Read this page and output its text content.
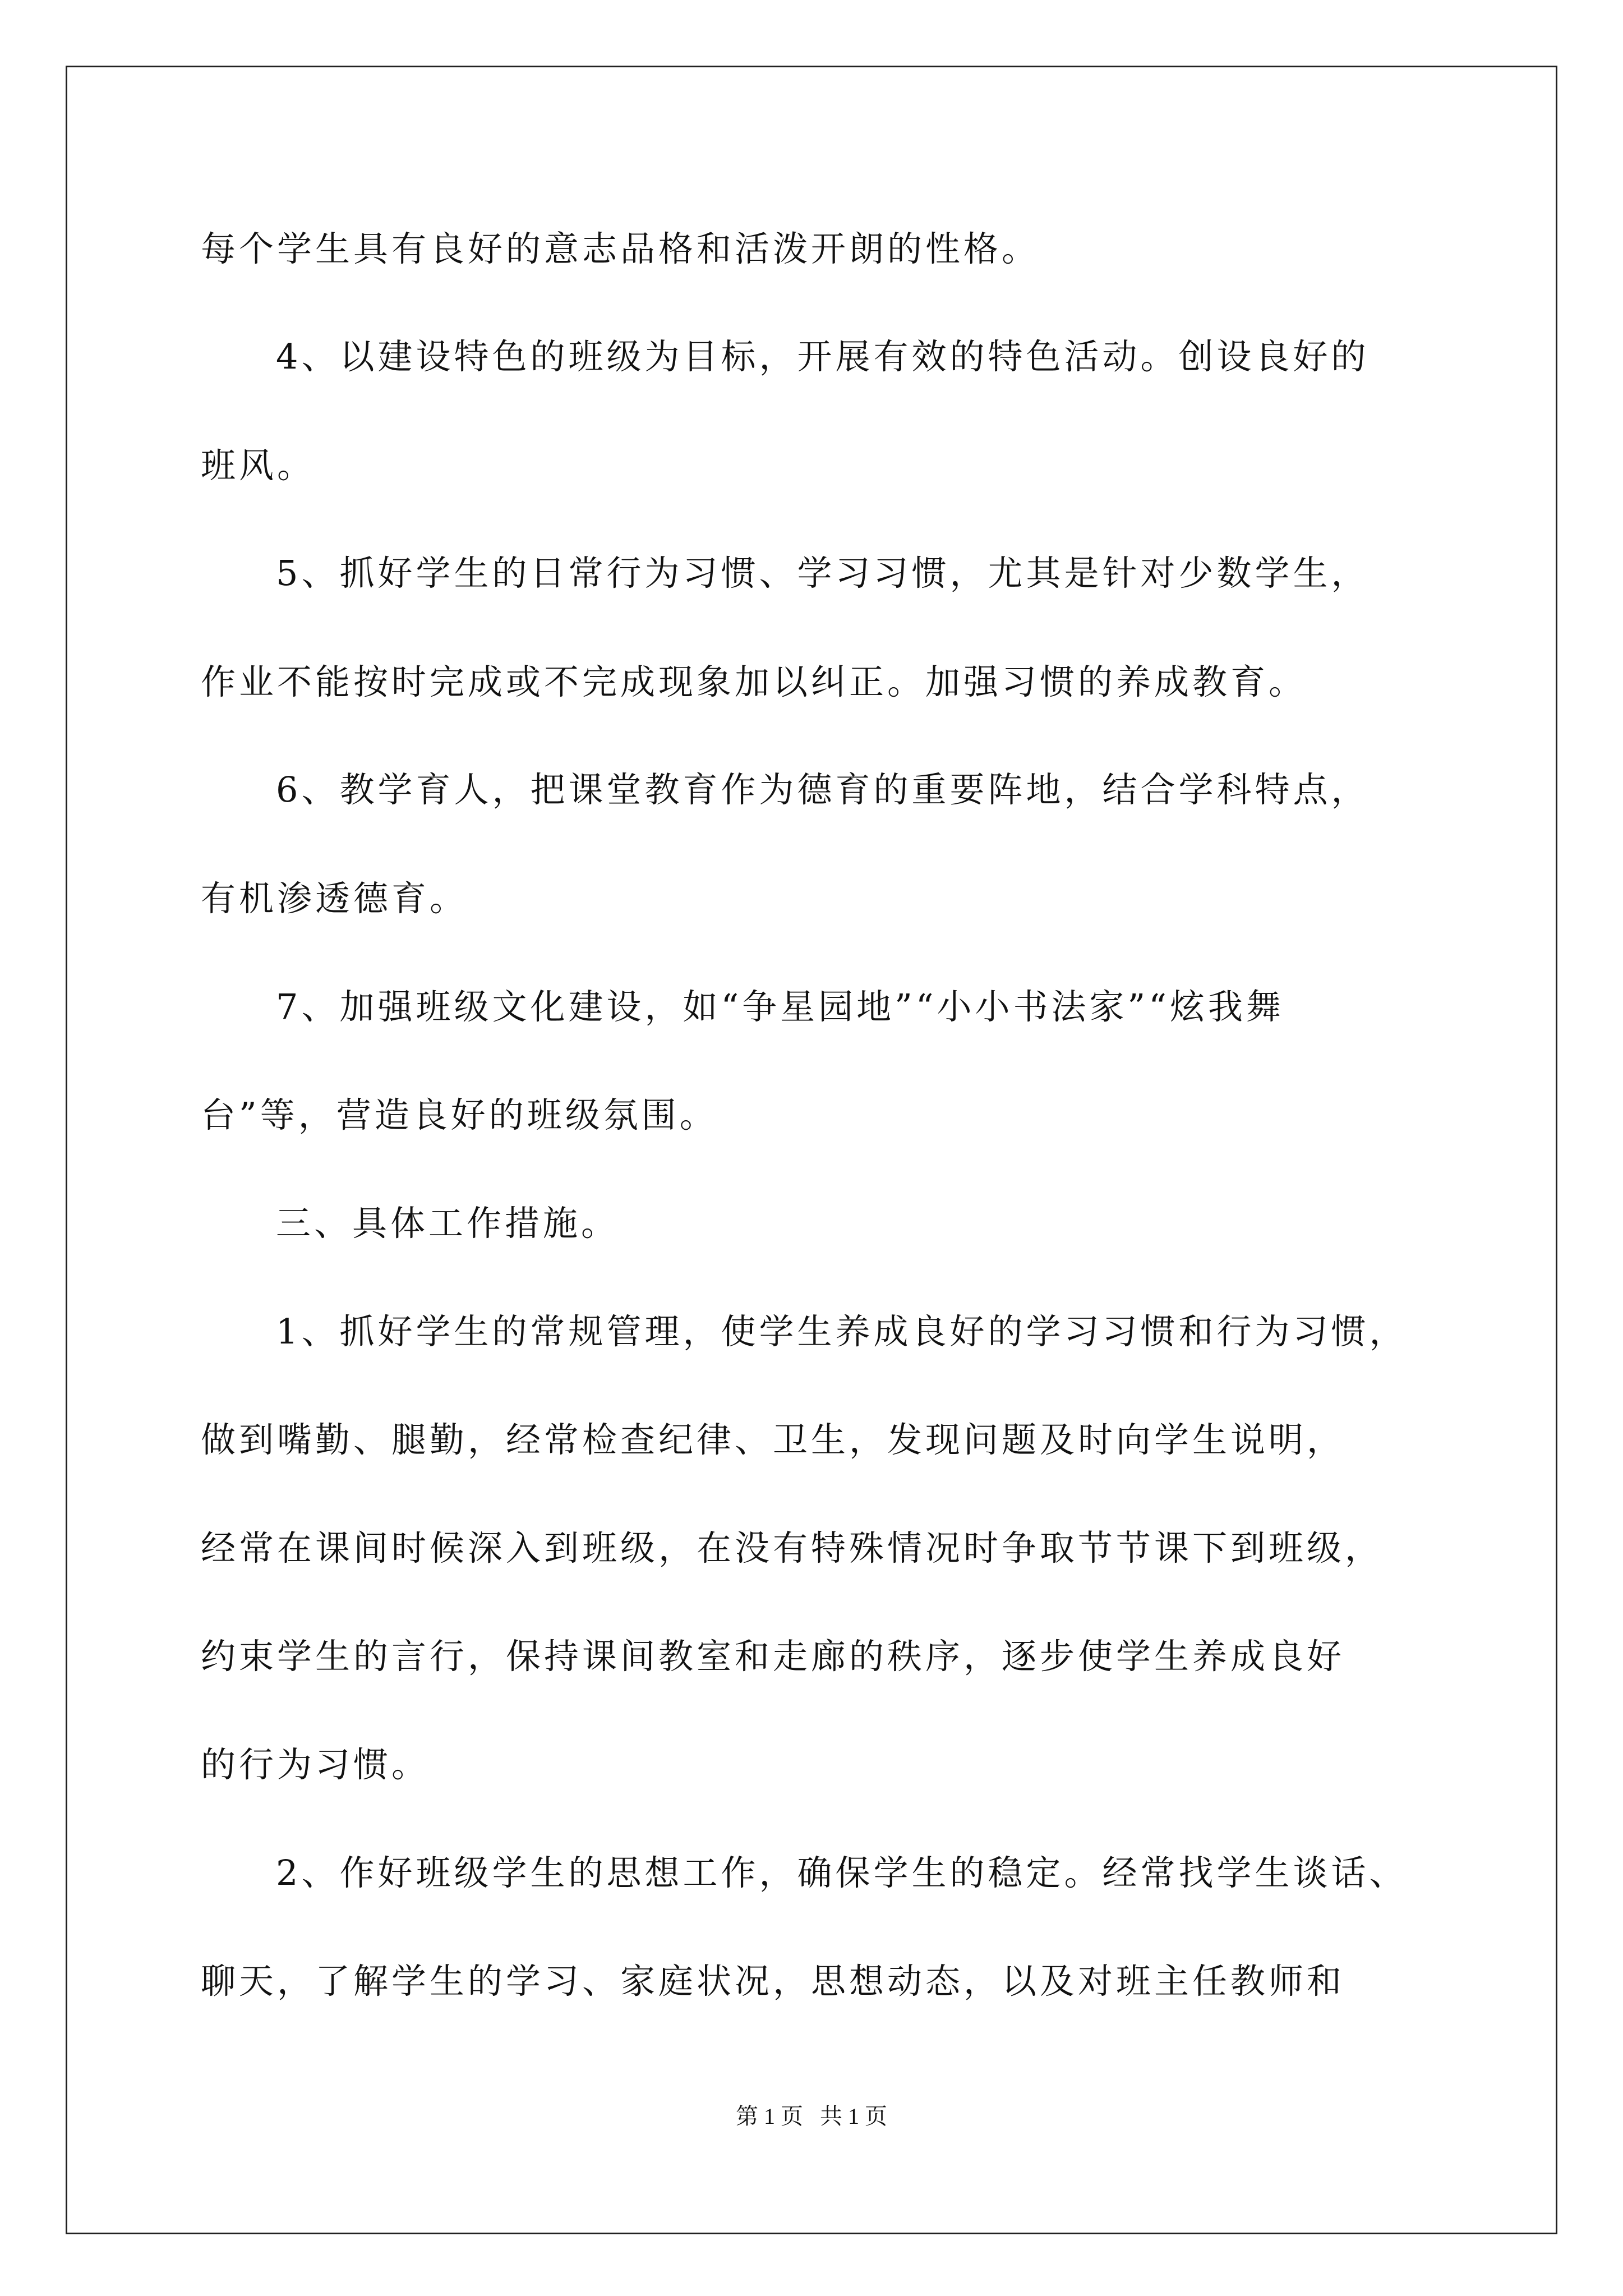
每个学生具有良好的意志品格和活泼开朗的性格。
4、以建设特色的班级为目标，开展有效的特色活动。创设良好的
班风。
5、抓好学生的日常行为习惯、学习习惯，尤其是针对少数学生，
作业不能按时完成或不完成现象加以纠正。加强习惯的养成教育。
6、教学育人，把课堂教育作为德育的重要阵地，结合学科特点，
有机渗透德育。
7、加强班级文化建设，如“争星园地”“小小书法家”“炫我舞
台”等，营造良好的班级氛围。
三、具体工作措施。
1、抓好学生的常规管理，使学生养成良好的学习习惯和行为习惯，
做到嘴勤、腿勤，经常检查纪律、卫生，发现问题及时向学生说明，
经常在课间时候深入到班级，在没有特殊情况时争取节节课下到班级，
约束学生的言行，保持课间教室和走廊的秩序，逐步使学生养成良好
的行为习惯。
2、作好班级学生的思想工作，确保学生的稳定。经常找学生谈话、
聊天，了解学生的学习、家庭状况，思想动态，以及对班主任教师和
第 1 页   共 1 页
